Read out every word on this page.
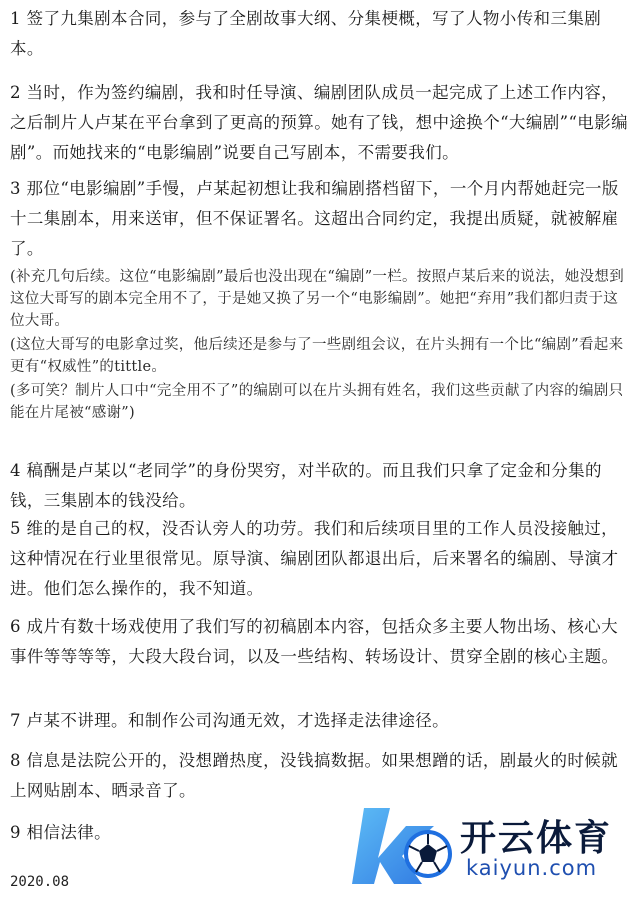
1 签了九集剧本合同，参与了全剧故事大纲、分集梗概，写了人物小传和三集剧本。

2 当时，作为签约编剧，我和时任导演、编剧团队成员一起完成了上述工作内容，之后制片人卢某在平台拿到了更高的预算。她有了钱，想中途换个“大编剧”“电影编剧”。而她找来的“电影编剧”说要自己写剧本，不需要我们。

3 那位“电影编剧”手慢，卢某起初想让我和编剧搭档留下，一个月内帮她赶完一版十二集剧本，用来送审，但不保证署名。这超出合同约定，我提出质疑，就被解雇了。

(补充几句后续。这位“电影编剧”最后也没出现在“编剧”一栏。按照卢某后来的说法，她没想到这位大哥写的剧本完全用不了，于是她又换了另一个“电影编剧”。她把“弃用”我们都归责于这位大哥。

(这位大哥写的电影拿过奖，他后续还是参与了一些剧组会议，在片头拥有一个比“编剧”看起来更有“权威性”的tittle。

(多可笑？制片人口中“完全用不了”的编剧可以在片头拥有姓名，我们这些贡献了内容的编剧只能在片尾被“感谢”)

4 稿酬是卢某以“老同学”的身份哭穷，对半砍的。而且我们只拿了定金和分集的钱，三集剧本的钱没给。

5 维的是自己的权，没否认旁人的功劳。我们和后续项目里的工作人员没接触过，这种情况在行业里很常见。原导演、编剧团队都退出后，后来署名的编剧、导演才进。他们怎么操作的，我不知道。

6 成片有数十场戏使用了我们写的初稿剧本内容，包括众多主要人物出场、核心大事件等等等等，大段大段台词，以及一些结构、转场设计、贯穿全剧的核心主题。

7 卢某不讲理。和制作公司沟通无效，才选择走法律途径。

8 信息是法院公开的，没想蹭热度，没钱搞数据。如果想蹭的话，剧最火的时候就上网贴剧本、晒录音了。

9 相信法律。

2020.08
开云体育
kaiyun.com
